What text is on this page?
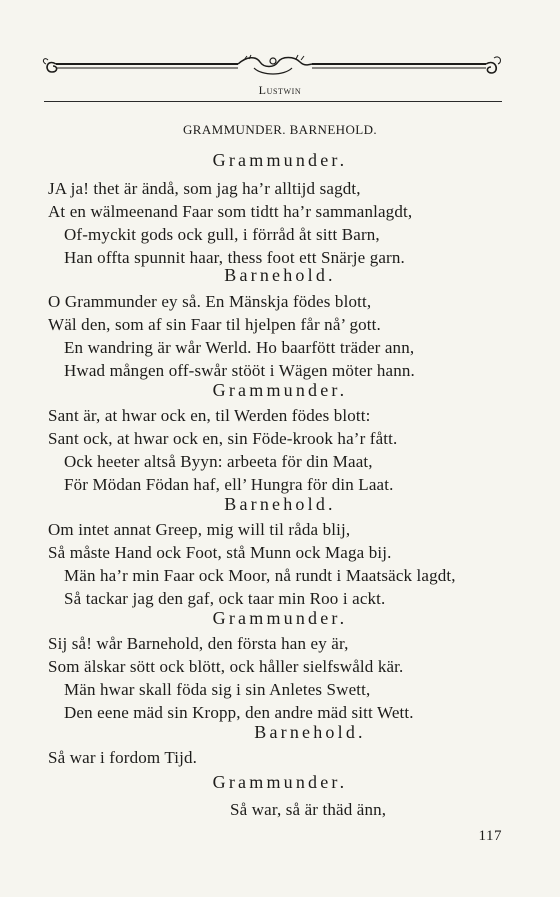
Lustwin
GRAMMUNDER. BARNEHOLD.
Grammunder.
JA ja! thet är ändå, som jag ha’r alltijd sagdt,
At en wälmeenand Faar som tidtt ha’r sammanlagdt,
Of-myckit gods ock gull, i förråd åt sitt Barn,
Han offta spunnit haar, thess foot ett Snärje garn.
Barnehold.
O Grammunder ey så. En Mänskja födes blott,
Wäl den, som af sin Faar til hjelpen får nå’ gott.
En wandring är wår Werld. Ho baarfött träder ann,
Hwad mången off-swår stööt i Wägen möter hann.
Grammunder.
Sant är, at hwar ock en, til Werden födes blott:
Sant ock, at hwar ock en, sin Föde-krook ha’r fått.
Ock heeter altså Byyn: arbeeta för din Maat,
För Mödan Födan haf, ell’ Hungra för din Laat.
Barnehold.
Om intet annat Greep, mig will til råda blij,
Så måste Hand ock Foot, stå Munn ock Maga bij.
Män ha’r min Faar ock Moor, nå rundt i Maatsäck lagdt,
Så tackar jag den gaf, ock taar min Roo i ackt.
Grammunder.
Sij så! wår Barnehold, den första han ey är,
Som älskar sött ock blött, ock håller sielfswåld kär.
Män hwar skall föda sig i sin Anletes Swett,
Den eene mäd sin Kropp, den andre mäd sitt Wett.
Barnehold.
Så war i fordom Tijd.
Grammunder.
Så war, så är thäd änn,
117
